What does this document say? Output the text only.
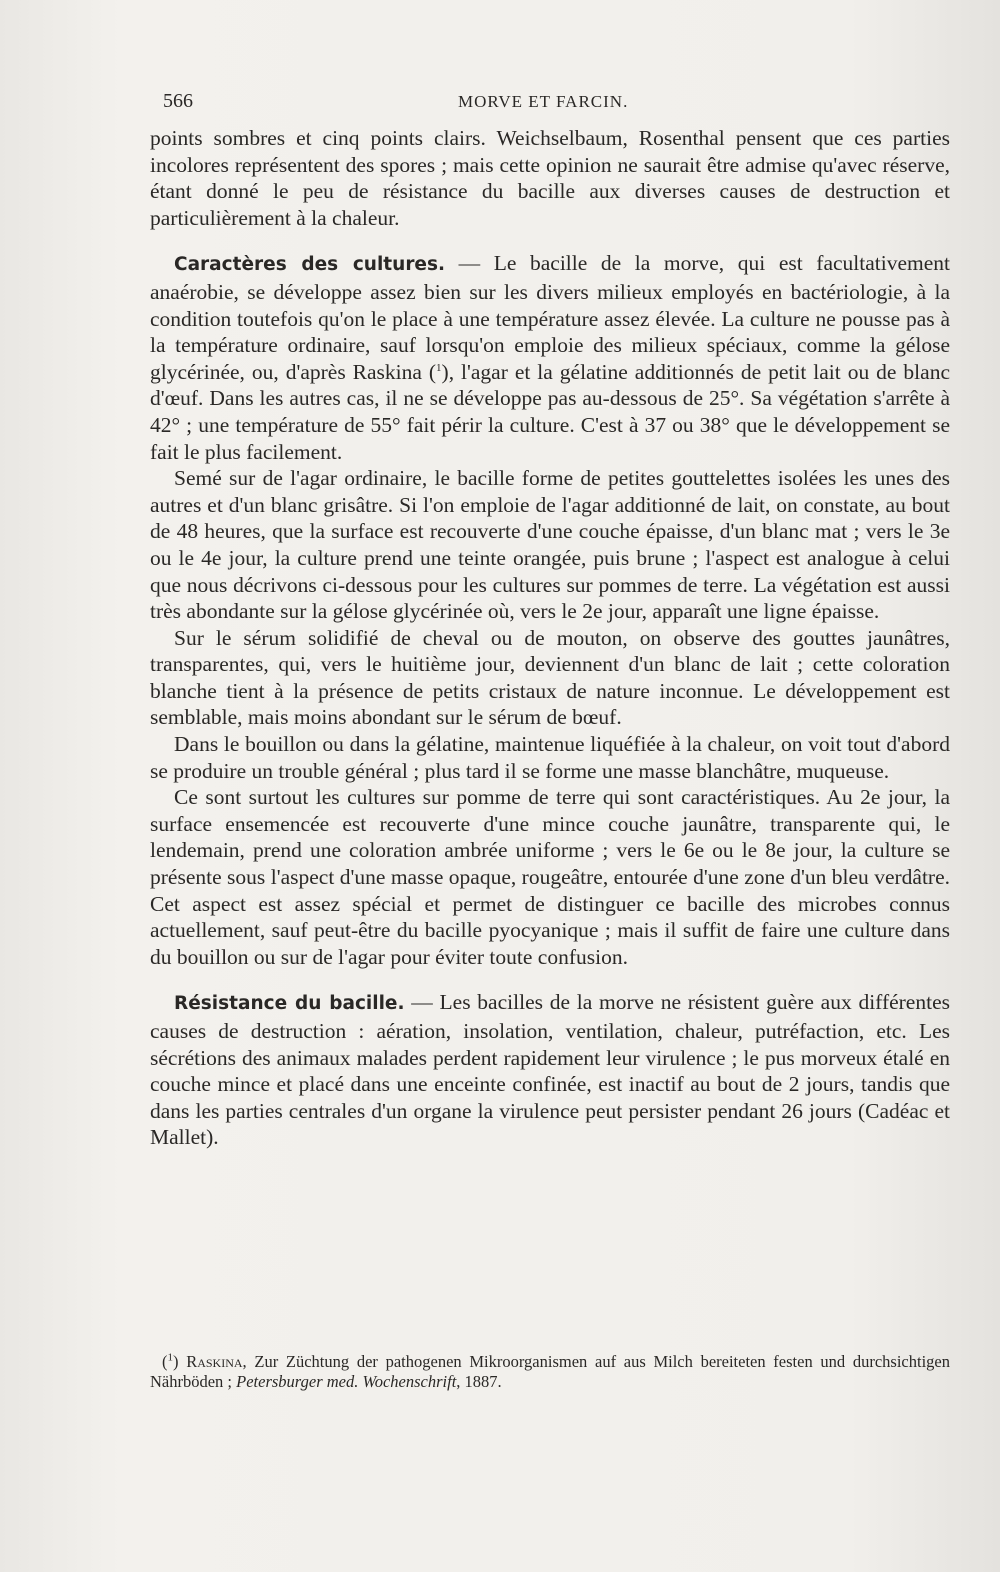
566	MORVE ET FARCIN.

points sombres et cinq points clairs. Weichselbaum, Rosenthal pensent que ces parties incolores représentent des spores ; mais cette opinion ne saurait être admise qu'avec réserve, étant donné le peu de résistance du bacille aux diverses causes de destruction et particulièrement à la chaleur.

Caractères des cultures. — Le bacille de la morve, qui est facultativement anaérobie, se développe assez bien sur les divers milieux employés en bactériologie, à la condition toutefois qu'on le place à une température assez élevée. La culture ne pousse pas à la température ordinaire, sauf lorsqu'on emploie des milieux spéciaux, comme la gélose glycérinée, ou, d'après Raskina ($^1$), l'agar et la gélatine additionnés de petit lait ou de blanc d'œuf. Dans les autres cas, il ne se développe pas au-dessous de 25°. Sa végétation s'arrête à 42° ; une température de 55° fait périr la culture. C'est à 37 ou 38° que le développement se fait le plus facilement.

Semé sur de l'agar ordinaire, le bacille forme de petites gouttelettes isolées les unes des autres et d'un blanc grisâtre. Si l'on emploie de l'agar additionné de lait, on constate, au bout de 48 heures, que la surface est recouverte d'une couche épaisse, d'un blanc mat ; vers le 3e ou le 4e jour, la culture prend une teinte orangée, puis brune ; l'aspect est analogue à celui que nous décrivons ci-dessous pour les cultures sur pommes de terre. La végétation est aussi très abondante sur la gélose glycérinée où, vers le 2e jour, apparaît une ligne épaisse.

Sur le sérum solidifié de cheval ou de mouton, on observe des gouttes jaunâtres, transparentes, qui, vers le huitième jour, deviennent d'un blanc de lait ; cette coloration blanche tient à la présence de petits cristaux de nature inconnue. Le développement est semblable, mais moins abondant sur le sérum de bœuf.

Dans le bouillon ou dans la gélatine, maintenue liquéfiée à la chaleur, on voit tout d'abord se produire un trouble général ; plus tard il se forme une masse blanchâtre, muqueuse.

Ce sont surtout les cultures sur pomme de terre qui sont caractéristiques. Au 2e jour, la surface ensemencée est recouverte d'une mince couche jaunâtre, transparente qui, le lendemain, prend une coloration ambrée uniforme ; vers le 6e ou le 8e jour, la culture se présente sous l'aspect d'une masse opaque, rougeâtre, entourée d'une zone d'un bleu verdâtre. Cet aspect est assez spécial et permet de distinguer ce bacille des microbes connus actuellement, sauf peut-être du bacille pyocyanique ; mais il suffit de faire une culture dans du bouillon ou sur de l'agar pour éviter toute confusion.

Résistance du bacille. — Les bacilles de la morve ne résistent guère aux différentes causes de destruction : aération, insolation, ventilation, chaleur, putréfaction, etc. Les sécrétions des animaux malades perdent rapidement leur virulence ; le pus morveux étalé en couche mince et placé dans une enceinte confinée, est inactif au bout de 2 jours, tandis que dans les parties centrales d'un organe la virulence peut persister pendant 26 jours (Cadéac et Mallet).

($^1$) Raskina, Zur Züchtung der pathogenen Mikroorganismen auf aus Milch bereiteten festen und durchsichtigen Nährböden ; Petersburger med. Wochenschrift, 1887.
